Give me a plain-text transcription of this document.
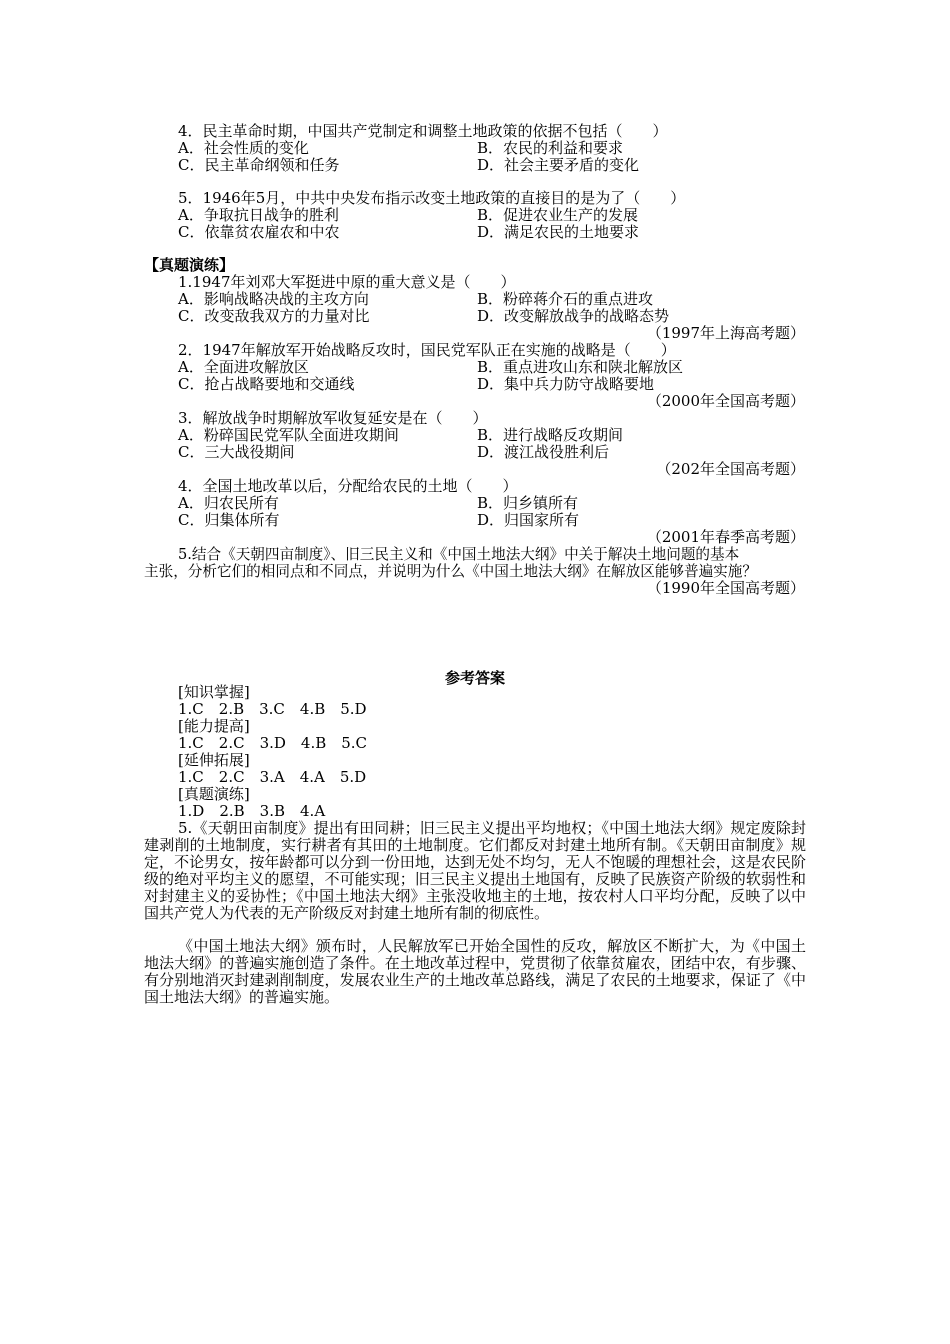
4．民主革命时期，中国共产党制定和调整土地政策的依据不包括（　　）
A．社会性质的变化	B．农民的利益和要求
C．民主革命纲领和任务	D．社会主要矛盾的变化
5．1946年5月，中共中央发布指示改变土地政策的直接目的是为了（　　）
A．争取抗日战争的胜利	B．促进农业生产的发展
C．依靠贫农雇农和中农	D．满足农民的土地要求
【真题演练】
1.1947年刘邓大军挺进中原的重大意义是（　　）
A．影响战略决战的主攻方向	B．粉碎蒋介石的重点进攻
C．改变敌我双方的力量对比	D．改变解放战争的战略态势
（1997年上海高考题）
2．1947年解放军开始战略反攻时，国民党军队正在实施的战略是（　　）
A．全面进攻解放区	B．重点进攻山东和陕北解放区
C．抢占战略要地和交通线	D．集中兵力防守战略要地
（2000年全国高考题）
3．解放战争时期解放军收复延安是在（　　）
A．粉碎国民党军队全面进攻期间	B．进行战略反攻期间
C．三大战役期间	D．渡江战役胜利后
（202年全国高考题）
4．全国土地改革以后，分配给农民的土地（　　）
A．归农民所有	B．归乡镇所有
C．归集体所有	D．归国家所有
（2001年春季高考题）
5.结合《天朝四亩制度》、旧三民主义和《中国土地法大纲》中关于解决土地问题的基本
主张，分析它们的相同点和不同点，并说明为什么《中国土地法大纲》在解放区能够普遍实施？
（1990年全国高考题）
参考答案
[知识掌握]
1.C　2.B　3.C　4.B　5.D
[能力提高]
1.C　2.C　3.D　4.B　5.C
[延伸拓展]
1.C　2.C　3.A　4.A　5.D
[真题演练]
1.D　2.B　3.B　4.A
5.《天朝田亩制度》提出有田同耕；旧三民主义提出平均地权；《中国土地法大纲》规定废除封建剥削的土地制度，实行耕者有其田的土地制度。它们都反对封建土地所有制。《天朝田亩制度》规定，不论男女，按年龄都可以分到一份田地，达到无处不均匀，无人不饱暖的理想社会，这是农民阶级的绝对平均主义的愿望，不可能实现；旧三民主义提出土地国有，反映了民族资产阶级的软弱性和对封建主义的妥协性；《中国土地法大纲》主张没收地主的土地，按农村人口平均分配，反映了以中国共产党人为代表的无产阶级反对封建土地所有制的彻底性。
《中国土地法大纲》颁布时，人民解放军已开始全国性的反攻，解放区不断扩大，为《中国土地法大纲》的普遍实施创造了条件。在土地改革过程中，党贯彻了依靠贫雇农，团结中农，有步骤、有分别地消灭封建剥削制度，发展农业生产的土地改革总路线，满足了农民的土地要求，保证了《中国土地法大纲》的普遍实施。
